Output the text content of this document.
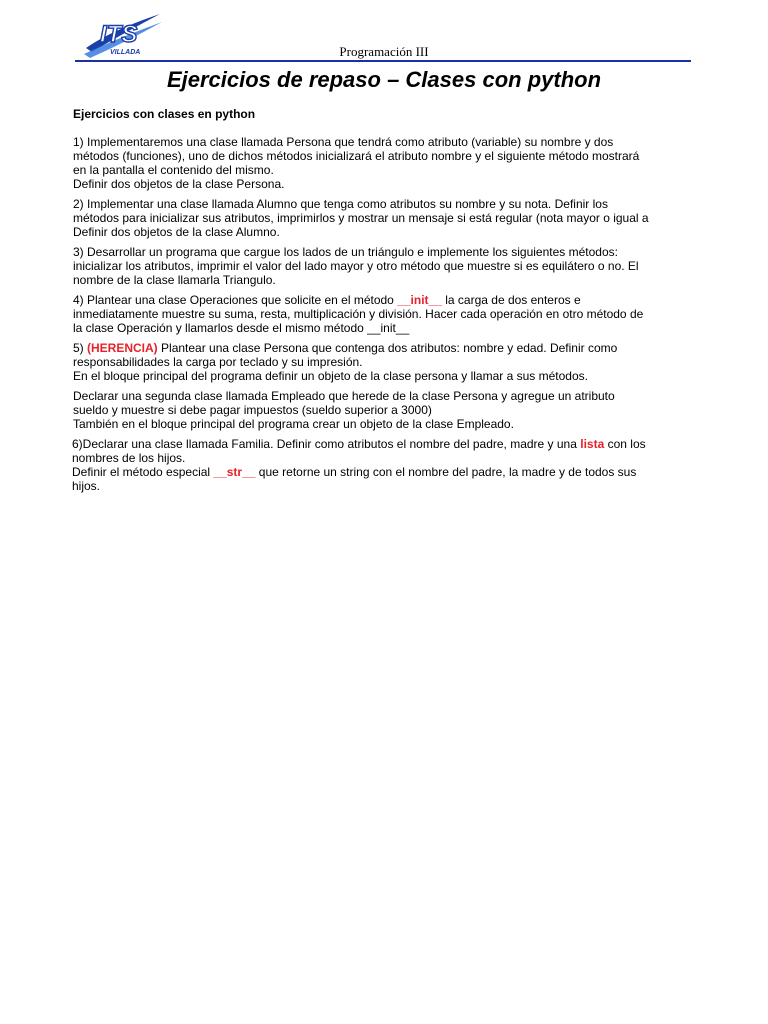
ITS
VILLADA	Programación III
Ejercicios de repaso – Clases con python
Ejercicios con clases en python
1) Implementaremos una clase llamada Persona que tendrá como atributo (variable) su nombre y dos
métodos (funciones), uno de dichos métodos inicializará el atributo nombre y el siguiente método mostrará
en la pantalla el contenido del mismo.
Definir dos objetos de la clase Persona.
2) Implementar una clase llamada Alumno que tenga como atributos su nombre y su nota. Definir los
métodos para inicializar sus atributos, imprimirlos y mostrar un mensaje si está regular (nota mayor o igual a
Definir dos objetos de la clase Alumno.
3) Desarrollar un programa que cargue los lados de un triángulo e implemente los siguientes métodos:
inicializar los atributos, imprimir el valor del lado mayor y otro método que muestre si es equilátero o no. El
nombre de la clase llamarla Triangulo.
4) Plantear una clase Operaciones que solicite en el método __init__ la carga de dos enteros e
inmediatamente muestre su suma, resta, multiplicación y división. Hacer cada operación en otro método de
la clase Operación y llamarlos desde el mismo método __init__
5) (HERENCIA) Plantear una clase Persona que contenga dos atributos: nombre y edad. Definir como
responsabilidades la carga por teclado y su impresión.
En el bloque principal del programa definir un objeto de la clase persona y llamar a sus métodos.
Declarar una segunda clase llamada Empleado que herede de la clase Persona y agregue un atributo
sueldo y muestre si debe pagar impuestos (sueldo superior a 3000)
También en el bloque principal del programa crear un objeto de la clase Empleado.
6)Declarar una clase llamada Familia. Definir como atributos el nombre del padre, madre y una lista con los
nombres de los hijos.
Definir el método especial __str__ que retorne un string con el nombre del padre, la madre y de todos sus
hijos.
